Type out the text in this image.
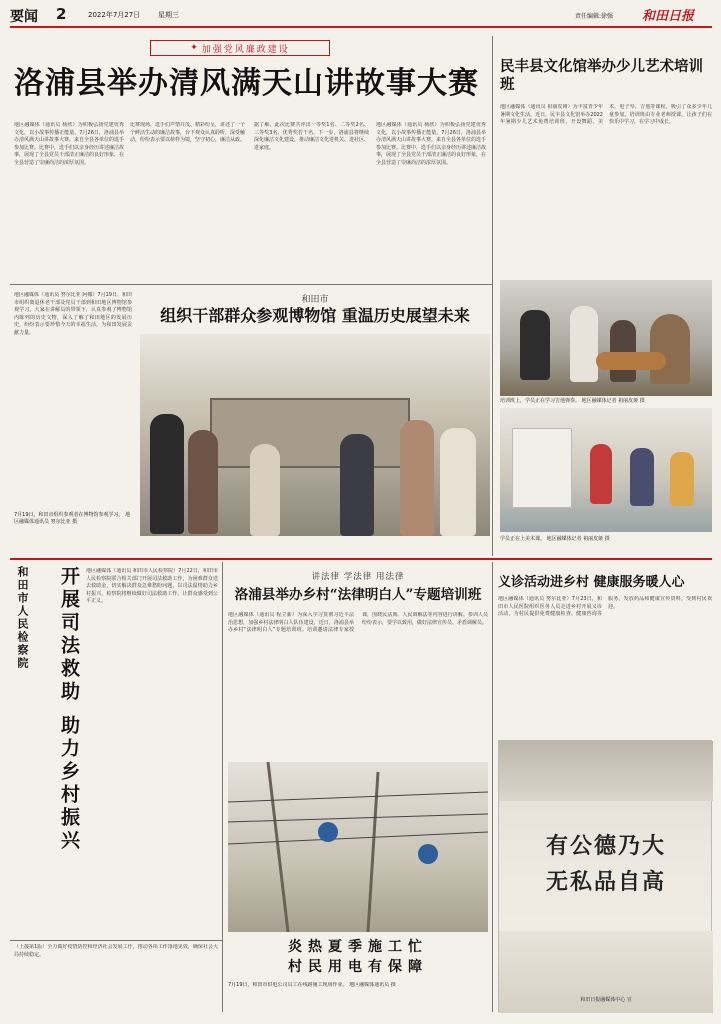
要闻 2	2022年7月27日	星期三	责任编辑:徐强 和田日报
✦ 加强党风廉政建设
洛浦县举办清风满天山讲故事大赛
地区融媒体（通讯员 杨欣）为积极弘扬党建优秀文化，以小故事传播正能量，7月26日，洛浦县举办清风满天山讲故事大赛。来自全县各单位的选手参加比赛。比赛中，选手们以亲身经历讲述廉洁故事，展现了全县党员干部清正廉洁的良好形象，在全县营造了崇廉尚洁的浓厚氛围。
比赛现场，选手们声情并茂、精彩纷呈，讲述了一个个鲜活生动的廉洁故事，台下观众认真聆听，深受触动，纷纷表示要以榜样为镜，坚守初心，廉洁从政。
据了解，此次比赛共评出一等奖1名、二等奖2名、三等奖3名、优秀奖若干名。下一步，洛浦县将继续深化廉洁文化建设，推动廉洁文化进机关、进社区、进家庭。
地区融媒体（通讯员 杨欣）为积极弘扬党建优秀文化，以小故事传播正能量，7月26日，洛浦县举办清风满天山讲故事大赛。来自全县各单位的选手参加比赛。比赛中，选手们以亲身经历讲述廉洁故事，展现了全县党员干部清正廉洁的良好形象，在全县营造了崇廉尚洁的浓厚氛围。
民丰县文化馆举办少儿艺术培训班
地区融媒体（通讯员 祖丽皮娅）为丰富青少年暑期文化生活，近日，民丰县文化馆举办2022年暑期少儿艺术免费培训班，开设舞蹈、美术、电子琴、吉他等课程，吸引了众多少年儿童参加。培训班由专业老师授课，让孩子们在快乐中学习，在学习中成长。
培训班上，学员正在学习吉他弹奏。 地区融媒体记者 祖丽皮娅 摄
学员正在上美术课。 地区融媒体记者 祖丽皮娅 摄
地区融媒体（通讯员 努尔比亚 阿娜）7月19日，和田市组织离退休老干部及党员干部到和田地区博物馆参观学习。大家在讲解员的带领下，认真参观了博物馆内陈列的历史文物，深入了解了和田地区的发展历史，纷纷表示要珍惜今天的幸福生活，为和田发展贡献力量。
7月19日，和田市组织参观者在博物馆参观学习。 地区融媒体通讯员 努尔比亚 摄
和田市
组织干部群众参观博物馆 重温历史展望未来
和田市人民检察院	开展司法救助 助力乡村振兴 地区融媒体（通讯员 和田市人民检察院）7月22日，和田市人民检察院联合相关部门开展司法救助工作，为困难群众送去救助金，切实解决群众急难愁盼问题，以司法温情助力乡村振兴。检察院将继续做好司法救助工作，让群众感受到公平正义。
讲法律 学法律 用法律
洛浦县举办乡村“法律明白人”专题培训班
地区融媒体（通讯员 程立新）为深入学习贯彻习近平法治思想，加强乡村法律明白人队伍建设，近日，洛浦县举办乡村“法律明白人”专题培训班。培训邀请法律专家授课，围绕民法典、人民调解法等内容进行讲解。参训人员纷纷表示，要学以致用，做好法律宣传员、矛盾调解员。
炎热夏季施工忙
村民用电有保障
7月19日，和田市供电公司员工在线路施工现场作业。 地区融媒体通讯员 摄
义诊活动进乡村 健康服务暖人心
地区融媒体（通讯员 努尔比亚）7月23日，和田市人民医院组织医务人员走进乡村开展义诊活动，为村民提供免费健康检查、健康咨询等服务，发放药品和健康宣传资料，受到村民欢迎。
有公德乃大
无私品自高
和田日报融媒体中心 宣
（上接第1版）全力做好疫情防控和经济社会发展工作，推动各项工作落地见效，确保社会大局持续稳定。
